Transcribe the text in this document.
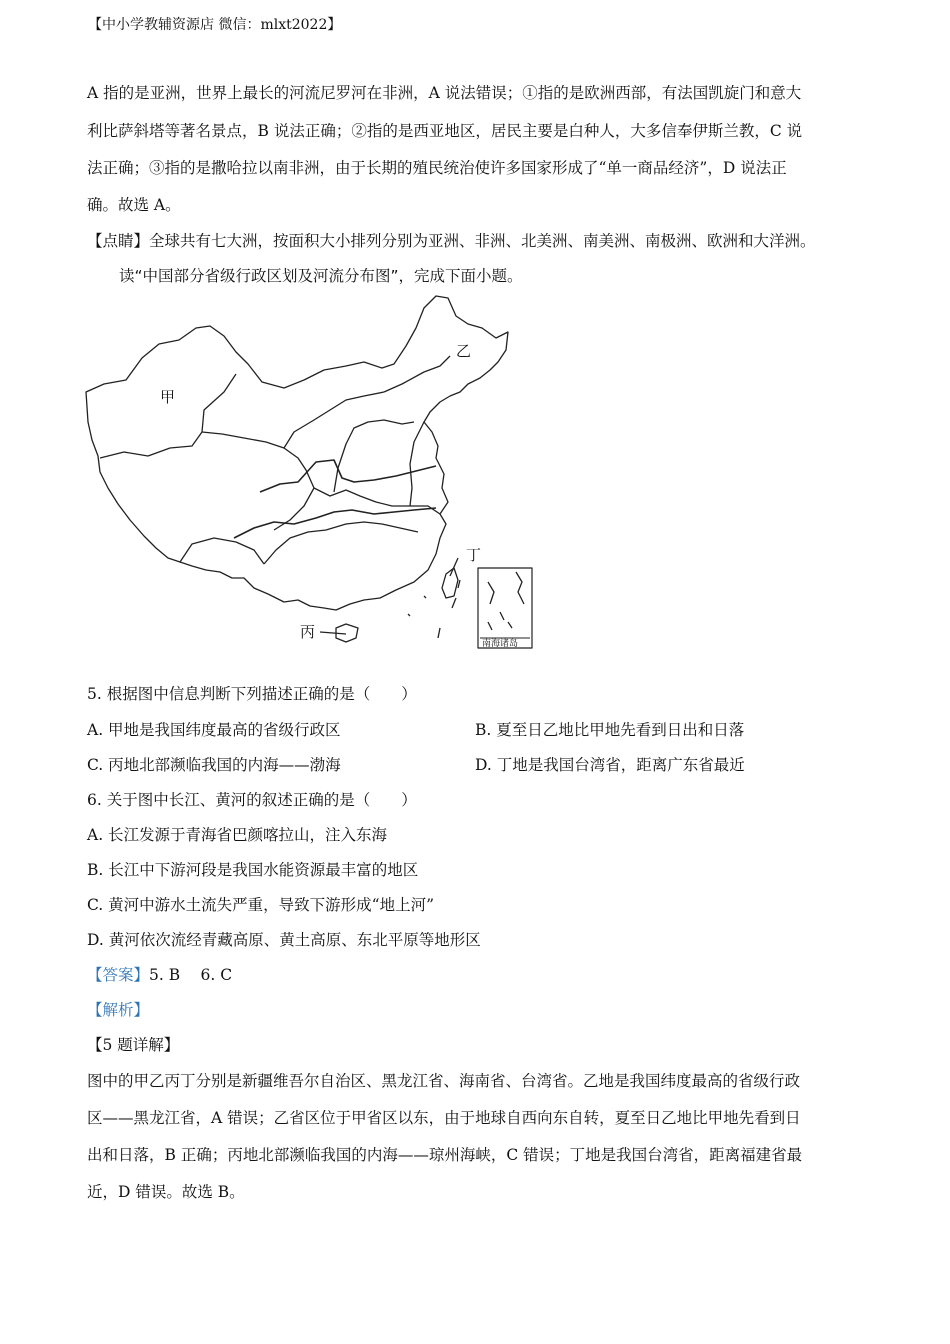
【中小学教辅资源店 微信：mlxt2022】
A 指的是亚洲，世界上最长的河流尼罗河在非洲，A 说法错误；①指的是欧洲西部，有法国凯旋门和意大
利比萨斜塔等著名景点，B 说法正确；②指的是西亚地区，居民主要是白种人，大多信奉伊斯兰教，C 说
法正确；③指的是撒哈拉以南非洲，由于长期的殖民统治使许多国家形成了“单一商品经济”，D 说法正
确。故选 A。
【点睛】全球共有七大洲，按面积大小排列分别为亚洲、非洲、北美洲、南美洲、南极洲、欧洲和大洋洲。
读“中国部分省级行政区划及河流分布图”，完成下面小题。
南海诸岛
甲
乙
丙
丁
5. 根据图中信息判断下列描述正确的是（　　）
A. 甲地是我国纬度最高的省级行政区	B. 夏至日乙地比甲地先看到日出和日落
C. 丙地北部濒临我国的内海——渤海	D. 丁地是我国台湾省，距离广东省最近
6. 关于图中长江、黄河的叙述正确的是（　　）
A. 长江发源于青海省巴颜喀拉山，注入东海
B. 长江中下游河段是我国水能资源最丰富的地区
C. 黄河中游水土流失严重，导致下游形成“地上河”
D. 黄河依次流经青藏高原、黄土高原、东北平原等地形区
【答案】5. B　 6. C
【解析】
【5 题详解】
图中的甲乙丙丁分别是新疆维吾尔自治区、黑龙江省、海南省、台湾省。乙地是我国纬度最高的省级行政
区——黑龙江省，A 错误；乙省区位于甲省区以东，由于地球自西向东自转，夏至日乙地比甲地先看到日
出和日落，B 正确；丙地北部濒临我国的内海——琼州海峡，C 错误；丁地是我国台湾省，距离福建省最
近，D 错误。故选 B。
